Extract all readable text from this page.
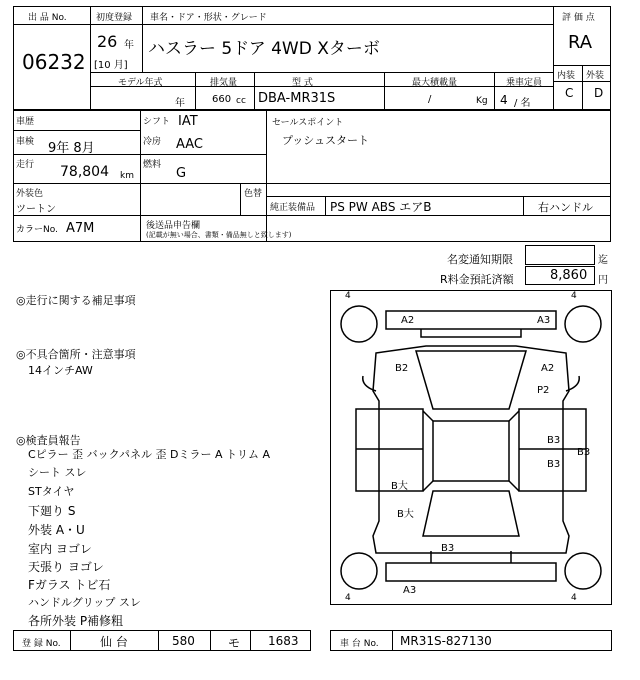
出 品 No.
06232
初度登録
26 年
[10 月]
車名・ドア・形状・グレード
ハスラー 5ドア 4WD Xターボ
評 価 点
RA
内装 外装
C D
モデル年式
年
排気量
660 cc
型 式
DBA-MR31S
最大積載量
/	Kg
乗車定員
4 / 名
車歴	シフト IAT
車検 9年 8月	冷房 AAC
走行 78,804 km
燃料
G
セールスポイント
プッシュスタート
外装色
ツートン
色替
純正装備品 PS PW ABS エアB	右ハンドル
カラーNo. A7M	後送品申告欄
(記載が無い場合、書類・備品無しと致します)
名変通知期限	迄
R料金預託済額	8,860 円
◎走行に関する補足事項
◎不具合箇所・注意事項
14インチAW
◎検査員報告
Cピラー 歪 バックパネル 歪 Dミラー A トリム A
シート スレ
STタイヤ
下廻り S
外装 A・U
室内 ヨゴレ
天張り ヨゴレ
Fガラス トビ石
ハンドルグリップ スレ
各所外装 P補修粗
4	4
4	4
A2	A3
B2	A2
P2
B3
B3
B3
B大
B大
B3
A3
登 録 No.	仙 台	580	モ 1683	車 台 No. MR31S-827130
